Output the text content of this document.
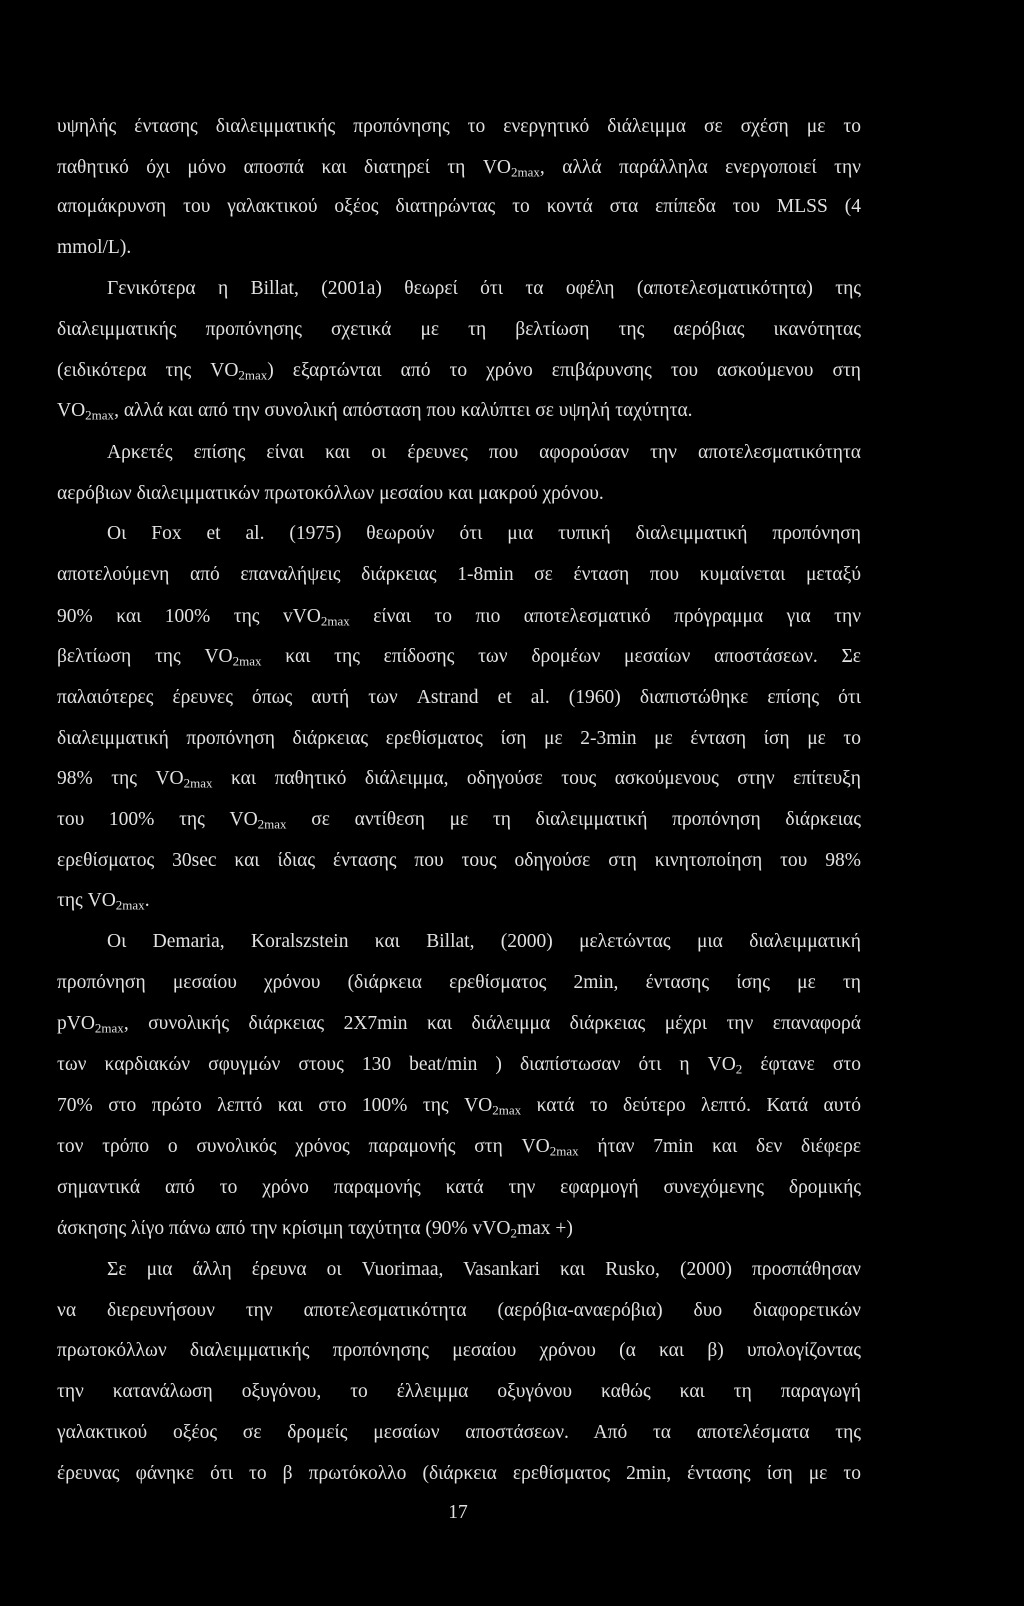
υψηλής έντασης διαλειμματικής προπόνησης το ενεργητικό διάλειμμα σε σχέση με το
παθητικό όχι μόνο αποσπά και διατηρεί τη $VO_{2max}$, αλλά παράλληλα ενεργοποιεί την
απομάκρυνση του γαλακτικού οξέος διατηρώντας το κοντά στα επίπεδα του MLSS (4
mmol/L).
Γενικότερα η Billat, (2001a) θεωρεί ότι τα οφέλη (αποτελεσματικότητα) της
διαλειμματικής προπόνησης σχετικά με τη βελτίωση της αερόβιας ικανότητας
(ειδικότερα της $VO_{2max}$) εξαρτώνται από το χρόνο επιβάρυνσης του ασκούμενου στη
$VO_{2max}$, αλλά και από την συνολική απόσταση που καλύπτει σε υψηλή ταχύτητα.
Αρκετές επίσης είναι και οι έρευνες που αφορούσαν την αποτελεσματικότητα
αερόβιων διαλειμματικών πρωτοκόλλων μεσαίου και μακρού χρόνου.
Οι Fox et al. (1975) θεωρούν ότι μια τυπική διαλειμματική προπόνηση
αποτελούμενη από επαναλήψεις διάρκειας 1-8min σε ένταση που κυμαίνεται μεταξύ
90% και 100% της vVO$_{2max}$ είναι το πιο αποτελεσματικό πρόγραμμα για την
βελτίωση της $VO_{2max}$ και της επίδοσης των δρομέων μεσαίων αποστάσεων. Σε
παλαιότερες έρευνες όπως αυτή των Astrand et al. (1960) διαπιστώθηκε επίσης ότι
διαλειμματική προπόνηση διάρκειας ερεθίσματος ίση με 2-3min με ένταση ίση με το
98% της $VO_{2max}$ και παθητικό διάλειμμα, οδηγούσε τους ασκούμενους στην επίτευξη
του 100% της $VO_{2max}$ σε αντίθεση με τη διαλειμματική προπόνηση διάρκειας
ερεθίσματος 30sec και ίδιας έντασης που τους οδηγούσε στη κινητοποίηση του 98%
της $VO_{2max}$.
Οι Demaria, Koralszstein και Billat, (2000) μελετώντας μια διαλειμματική
προπόνηση μεσαίου χρόνου (διάρκεια ερεθίσματος 2min, έντασης ίσης με τη
pVO$_{2max}$, συνολικής διάρκειας 2X7min και διάλειμμα διάρκειας μέχρι την επαναφορά
των καρδιακών σφυγμών στους 130 beat/min ) διαπίστωσαν ότι η $VO_2$ έφτανε στο
70% στο πρώτο λεπτό και στο 100% της $VO_{2max}$ κατά το δεύτερο λεπτό. Κατά αυτό
τον τρόπο ο συνολικός χρόνος παραμονής στη $VO_{2max}$ ήταν 7min και δεν διέφερε
σημαντικά από το χρόνο παραμονής κατά την εφαρμογή συνεχόμενης δρομικής
άσκησης λίγο πάνω από την κρίσιμη ταχύτητα (90% vVO$_2$max +)
Σε μια άλλη έρευνα οι Vuorimaa, Vasankari και Rusko, (2000) προσπάθησαν
να διερευνήσουν την αποτελεσματικότητα (αερόβια-αναερόβια) δυο διαφορετικών
πρωτοκόλλων διαλειμματικής προπόνησης μεσαίου χρόνου (α και β) υπολογίζοντας
την κατανάλωση οξυγόνου, το έλλειμμα οξυγόνου καθώς και τη παραγωγή
γαλακτικού οξέος σε δρομείς μεσαίων αποστάσεων. Από τα αποτελέσματα της
έρευνας φάνηκε ότι το β πρωτόκολλο (διάρκεια ερεθίσματος 2min, έντασης ίση με το
17
